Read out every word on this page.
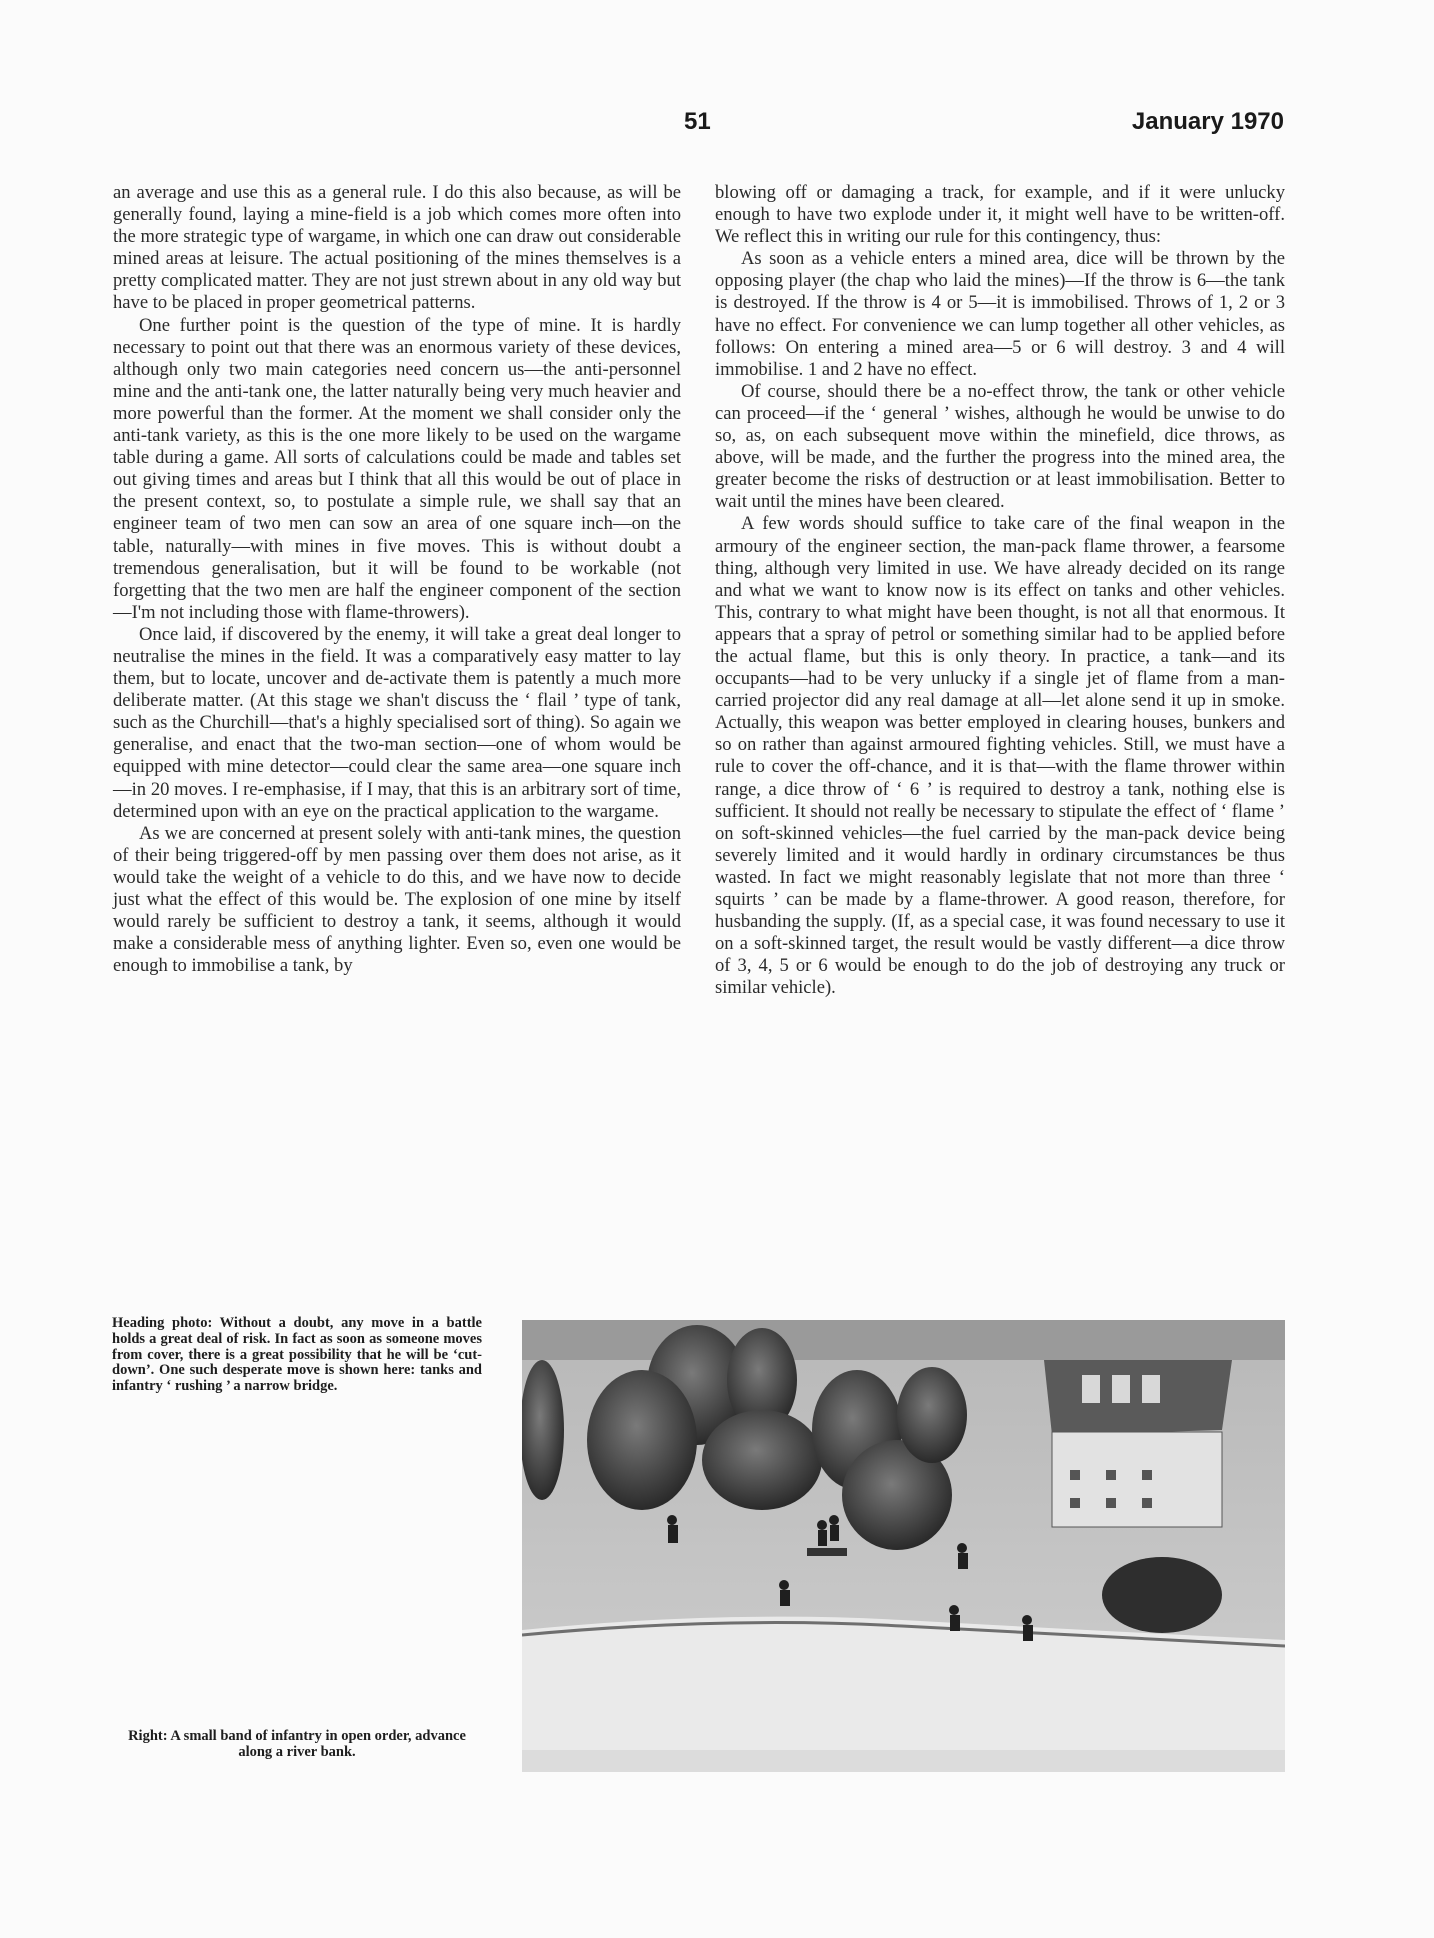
51	January 1970

an average and use this as a general rule. I do this also because, as will be generally found, laying a mine-field is a job which comes more often into the more strategic type of wargame, in which one can draw out considerable mined areas at leisure. The actual positioning of the mines themselves is a pretty complicated matter. They are not just strewn about in any old way but have to be placed in proper geometrical patterns.

One further point is the question of the type of mine. It is hardly necessary to point out that there was an enormous variety of these devices, although only two main categories need concern us—the anti-personnel mine and the anti-tank one, the latter naturally being very much heavier and more powerful than the former. At the moment we shall consider only the anti-tank variety, as this is the one more likely to be used on the wargame table during a game. All sorts of calculations could be made and tables set out giving times and areas but I think that all this would be out of place in the present context, so, to postulate a simple rule, we shall say that an engineer team of two men can sow an area of one square inch—on the table, naturally—with mines in five moves. This is without doubt a tremendous generalisation, but it will be found to be workable (not forgetting that the two men are half the engineer component of the section—I'm not including those with flame-throwers).

Once laid, if discovered by the enemy, it will take a great deal longer to neutralise the mines in the field. It was a comparatively easy matter to lay them, but to locate, uncover and de-activate them is patently a much more deliberate matter. (At this stage we shan't discuss the ‘ flail ’ type of tank, such as the Churchill—that's a highly specialised sort of thing). So again we generalise, and enact that the two-man section—one of whom would be equipped with mine detector—could clear the same area—one square inch—in 20 moves. I re-emphasise, if I may, that this is an arbitrary sort of time, determined upon with an eye on the practical application to the wargame.

As we are concerned at present solely with anti-tank mines, the question of their being triggered-off by men passing over them does not arise, as it would take the weight of a vehicle to do this, and we have now to decide just what the effect of this would be. The explosion of one mine by itself would rarely be sufficient to destroy a tank, it seems, although it would make a considerable mess of anything lighter. Even so, even one would be enough to immobilise a tank, by

blowing off or damaging a track, for example, and if it were unlucky enough to have two explode under it, it might well have to be written-off. We reflect this in writing our rule for this contingency, thus:

As soon as a vehicle enters a mined area, dice will be thrown by the opposing player (the chap who laid the mines)—If the throw is 6—the tank is destroyed. If the throw is 4 or 5—it is immobilised. Throws of 1, 2 or 3 have no effect. For convenience we can lump together all other vehicles, as follows: On entering a mined area—5 or 6 will destroy. 3 and 4 will immobilise. 1 and 2 have no effect.

Of course, should there be a no-effect throw, the tank or other vehicle can proceed—if the ‘ general ’ wishes, although he would be unwise to do so, as, on each subsequent move within the minefield, dice throws, as above, will be made, and the further the progress into the mined area, the greater become the risks of destruction or at least immobilisation. Better to wait until the mines have been cleared.

A few words should suffice to take care of the final weapon in the armoury of the engineer section, the man-pack flame thrower, a fearsome thing, although very limited in use. We have already decided on its range and what we want to know now is its effect on tanks and other vehicles. This, contrary to what might have been thought, is not all that enormous. It appears that a spray of petrol or something similar had to be applied before the actual flame, but this is only theory. In practice, a tank—and its occupants—had to be very unlucky if a single jet of flame from a man-carried projector did any real damage at all—let alone send it up in smoke. Actually, this weapon was better employed in clearing houses, bunkers and so on rather than against armoured fighting vehicles. Still, we must have a rule to cover the off-chance, and it is that—with the flame thrower within range, a dice throw of ‘ 6 ’ is required to destroy a tank, nothing else is sufficient. It should not really be necessary to stipulate the effect of ‘ flame ’ on soft-skinned vehicles—the fuel carried by the man-pack device being severely limited and it would hardly in ordinary circumstances be thus wasted. In fact we might reasonably legislate that not more than three ‘ squirts ’ can be made by a flame-thrower. A good reason, therefore, for husbanding the supply. (If, as a special case, it was found necessary to use it on a soft-skinned target, the result would be vastly different—a dice throw of 3, 4, 5 or 6 would be enough to do the job of destroying any truck or similar vehicle).

Heading photo: Without a doubt, any move in a battle holds a great deal of risk. In fact as soon as someone moves from cover, there is a great possibility that he will be ‘cut-down’. One such desperate move is shown here: tanks and infantry ‘ rushing ’ a narrow bridge.
Right: A small band of infantry in open order, advance along a river bank.
